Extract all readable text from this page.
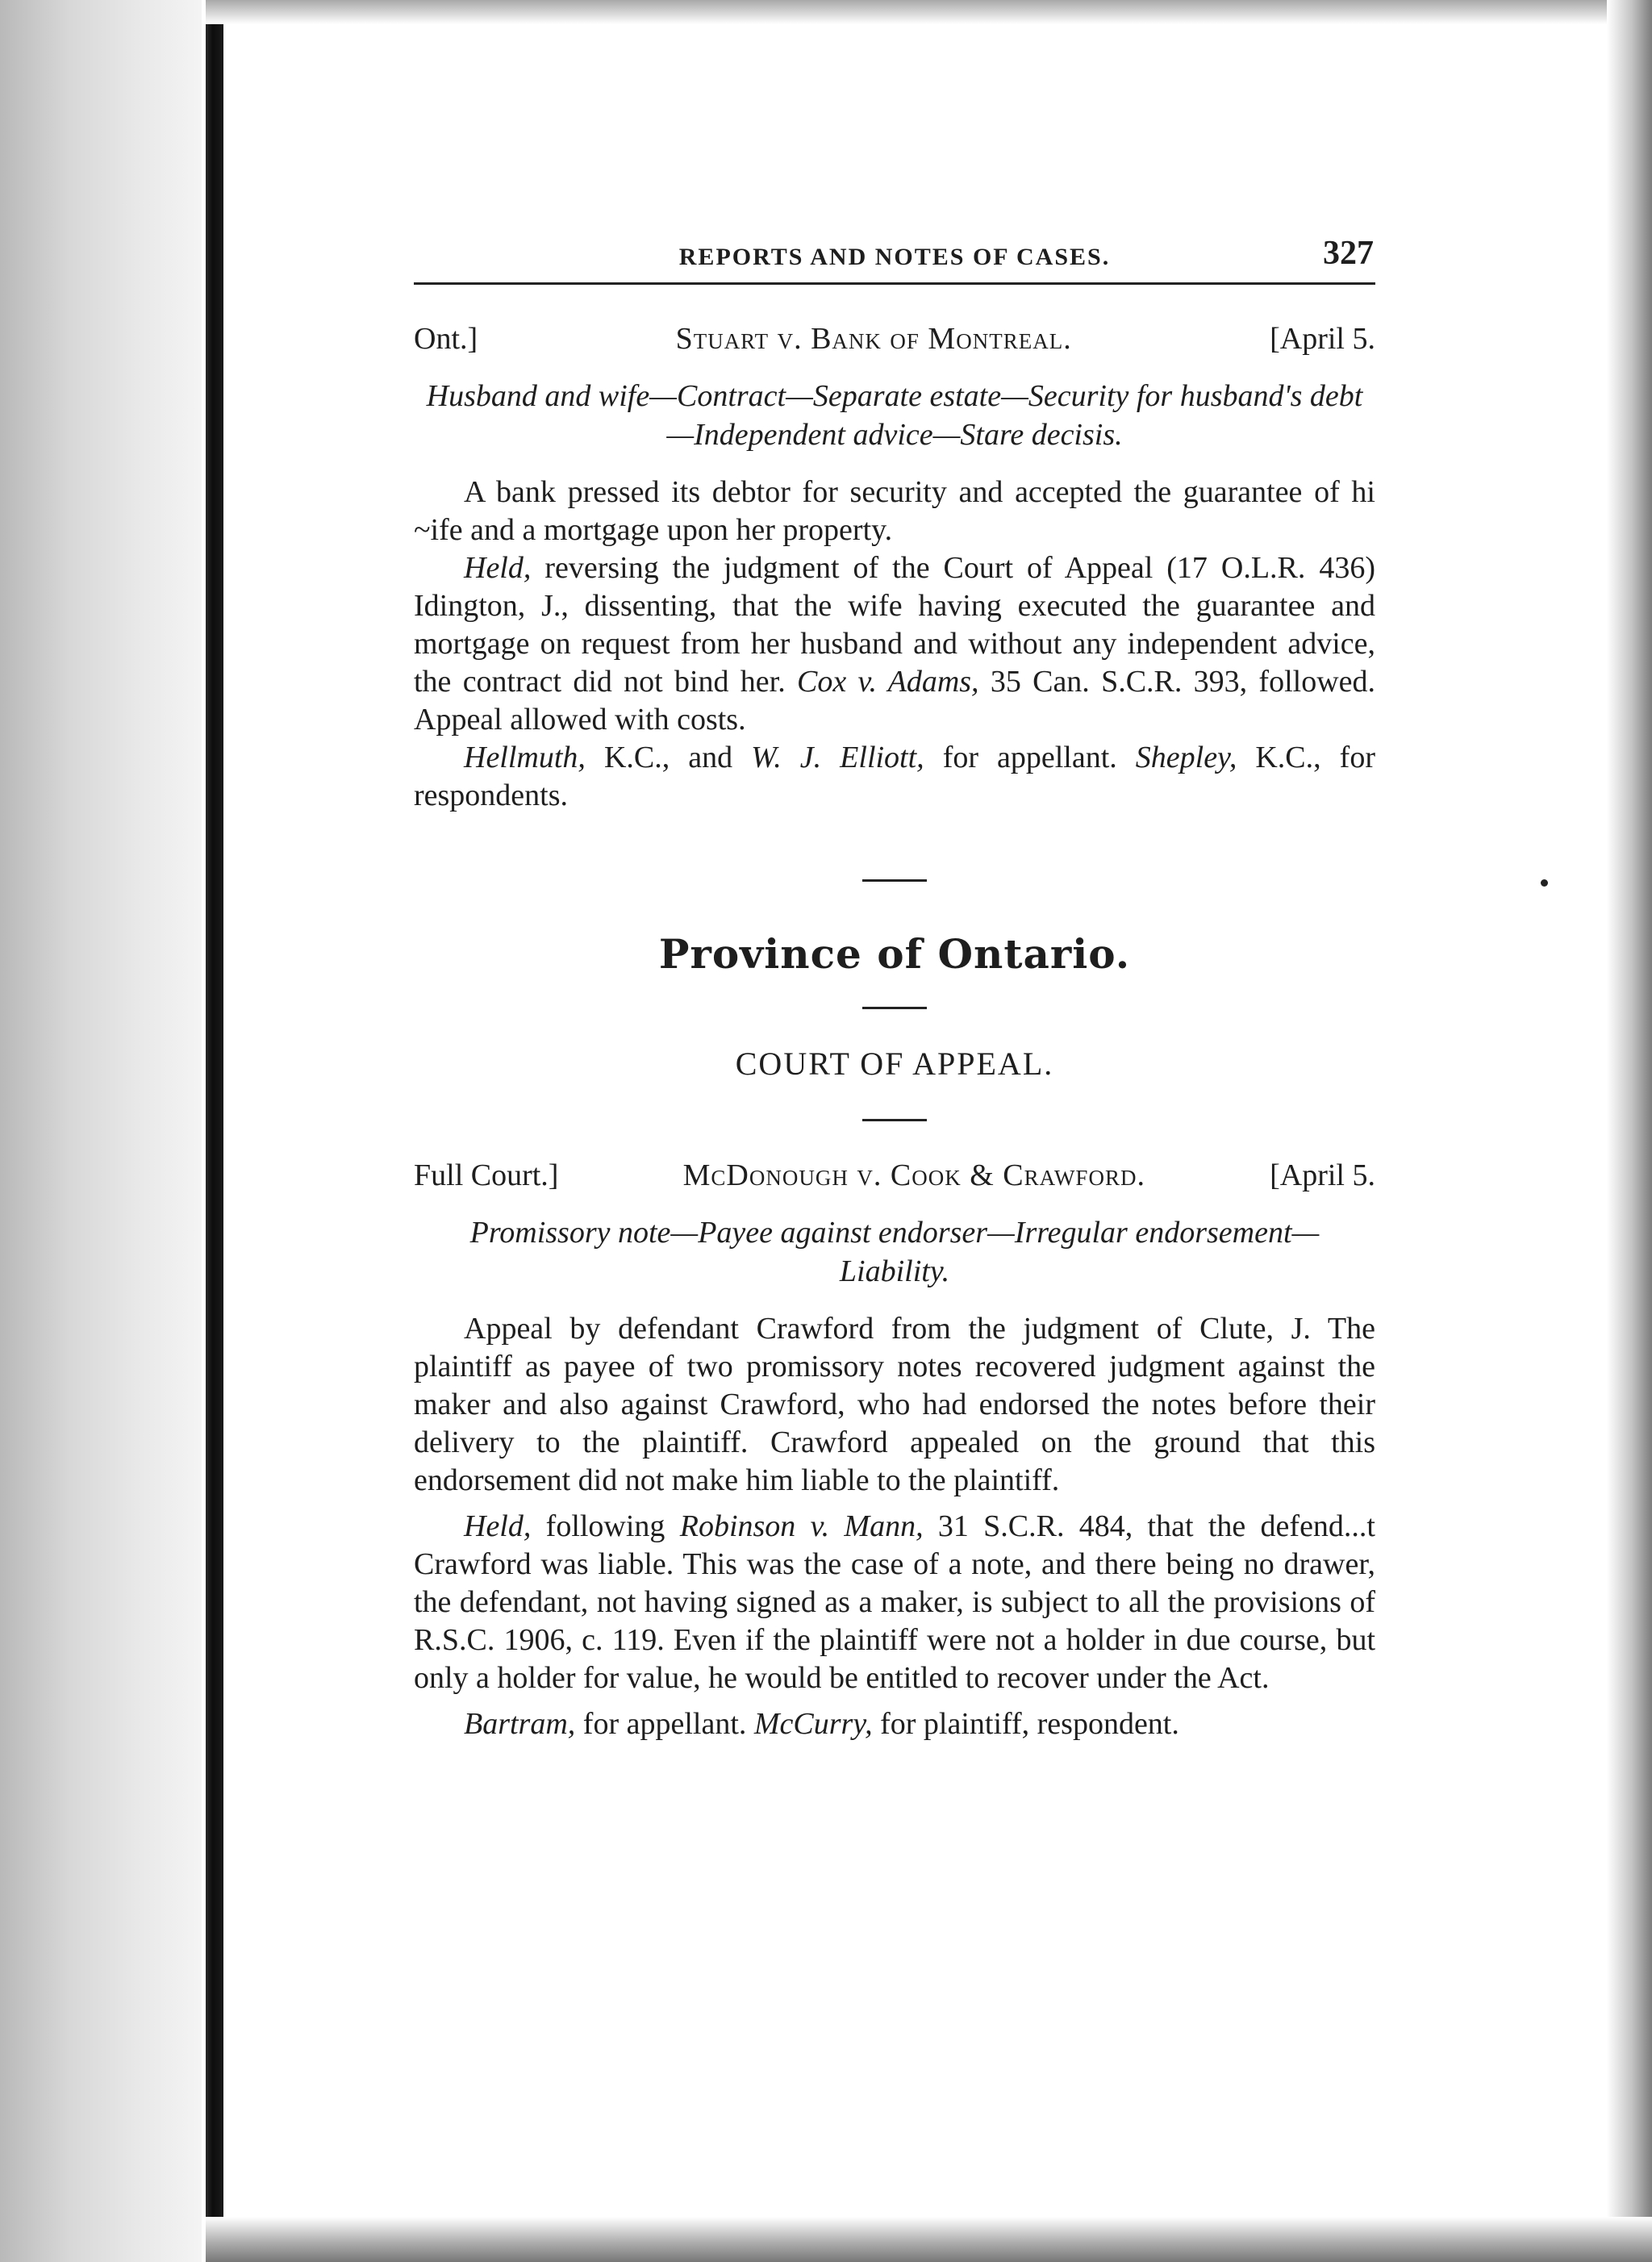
REPORTS AND NOTES OF CASES.	327
Ont.]	Stuart v. Bank of Montreal.	[April 5.
Husband and wife—Contract—Separate estate—Security for husband's debt—Independent advice—Stare decisis.

A bank pressed its debtor for security and accepted the guarantee of hi ~ife and a mortgage upon her property.

Held, reversing the judgment of the Court of Appeal (17 O.L.R. 436) Idington, J., dissenting, that the wife having executed the guarantee and mortgage on request from her husband and without any independent advice, the contract did not bind her. Cox v. Adams, 35 Can. S.C.R. 393, followed. Appeal allowed with costs.

Hellmuth, K.C., and W. J. Elliott, for appellant. Shepley, K.C., for respondents.

Province of Ontario.
COURT OF APPEAL.
Full Court.]	McDonough v. Cook & Crawford.	[April 5.
Promissory note—Payee against endorser—Irregular endorsement—Liability.

Appeal by defendant Crawford from the judgment of Clute, J. The plaintiff as payee of two promissory notes recovered judgment against the maker and also against Crawford, who had endorsed the notes before their delivery to the plaintiff. Crawford appealed on the ground that this endorsement did not make him liable to the plaintiff.

Held, following Robinson v. Mann, 31 S.C.R. 484, that the defend...t Crawford was liable. This was the case of a note, and there being no drawer, the defendant, not having signed as a maker, is subject to all the provisions of R.S.C. 1906, c. 119. Even if the plaintiff were not a holder in due course, but only a holder for value, he would be entitled to recover under the Act.

Bartram, for appellant. McCurry, for plaintiff, respondent.
